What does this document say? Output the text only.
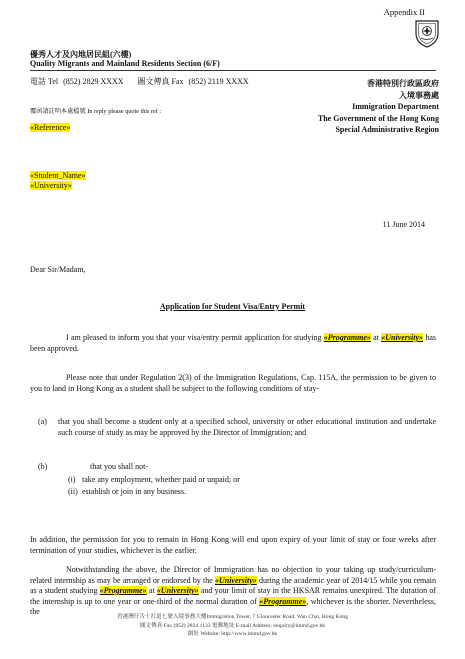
Appendix II
優秀人才及內地居民組(六樓)
Quality Migrants and Mainland Residents Section (6/F)
電話 Tel (852) 2829 XXXX 圖文傳真 Fax (852) 2119 XXXX	香港特別行政區政府
入境事務處
Immigration Department
The Government of the Hong Kong
Special Administrative Region
覆函請註明本處檔號 In reply please quote this ref :
«Reference»
«Student_Name»
«University»
11 June 2014
Dear Sir/Madam,
Application for Student Visa/Entry Permit
I am pleased to inform you that your visa/entry permit application for studying «Programme» at «University» has been approved.
Please note that under Regulation 2(3) of the Immigration Regulations, Cap. 115A, the permission to be given to you to land in Hong Kong as a student shall be subject to the following conditions of stay-
(a) that you shall become a student only at a specified school, university or other educational institution and undertake such course of study as may be approved by the Director of Immigration; and
(b)	that you shall not-
(i) take any employment, whether paid or unpaid; or
(ii) establish or join in any business.
In addition, the permission for you to remain in Hong Kong will end upon expiry of your limit of stay or four weeks after termination of your studies, whichever is the earlier.
Notwithstanding the above, the Director of Immigration has no objection to your taking up study/curriculum-related internship as may be arranged or endorsed by the «University» during the academic year of 2014/15 while you remain as a student studying «Programme» at «University» and your limit of stay in the HKSAR remains unexpired. The duration of the internship is up to one year or one-third of the normal duration of «Programme», whichever is the shorter. Nevertheless, the
香港灣仔告士打道七號入境事務大樓Immigration Tower, 7 Gloucester Road, Wan Chai, Hong Kong
圖文傳真 Fax (852) 2824 1133 電郵地址 E-mail Address: enquiry@immd.gov.hk
網址 Website: http://www.immd.gov.hk
